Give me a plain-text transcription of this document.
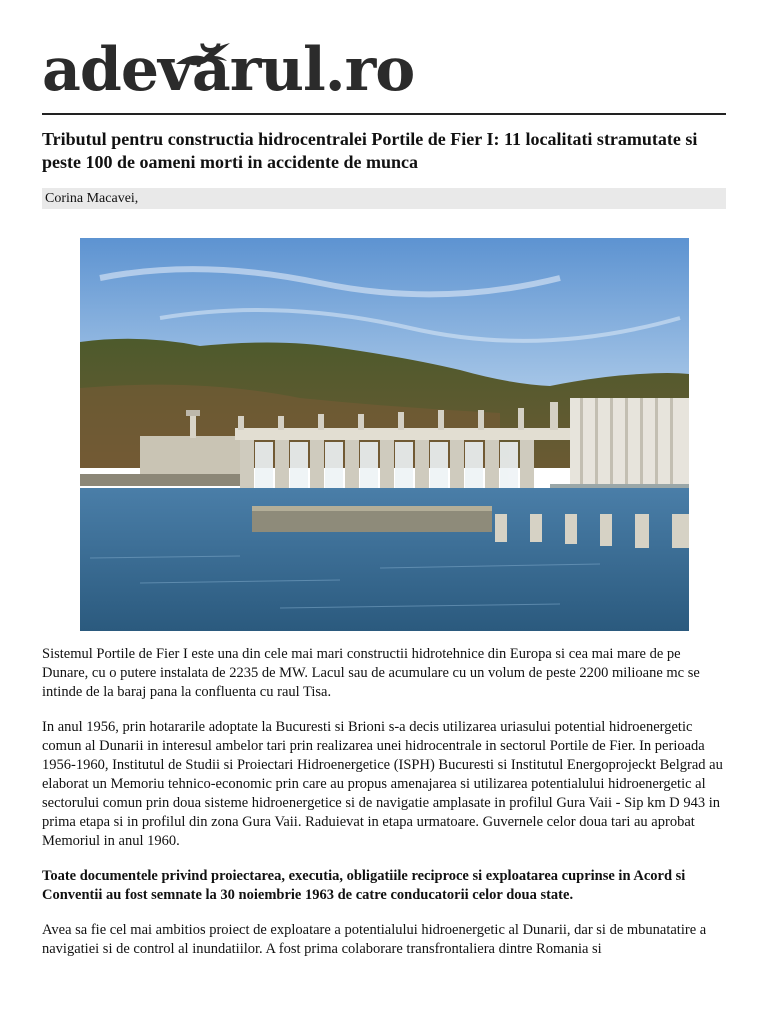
adevărul.ro
Tributul pentru constructia hidrocentralei Portile de Fier I: 11 localitati stramutate si peste 100 de oameni morti in accidente de munca
Corina Macavei,

Sistemul Portile de Fier I este una din cele mai mari constructii hidrotehnice din Europa si cea mai mare de pe Dunare, cu o putere instalata de 2235 de MW. Lacul sau de acumulare cu un volum de peste 2200 milioane mc se intinde de la baraj pana la confluenta cu raul Tisa.

In anul 1956, prin hotararile adoptate la Bucuresti si Brioni s-a decis utilizarea uriasului potential hidroenergetic comun al Dunarii in interesul ambelor tari prin realizarea unei hidrocentrale in sectorul Portile de Fier. In perioada 1956-1960, Institutul de Studii si Proiectari Hidroenergetice (ISPH) Bucuresti si Institutul Energoprojeckt Belgrad au elaborat un Memoriu tehnico-economic prin care au propus amenajarea si utilizarea potentialului hidroenergetic al sectorului comun prin doua sisteme hidroenergetice si de navigatie amplasate in profilul Gura Vaii - Sip km D 943 in prima etapa si in profilul din zona Gura Vaii. Raduievat in etapa urmatoare. Guvernele celor doua tari au aprobat Memoriul in anul 1960.

Toate documentele privind proiectarea, executia, obligatiile reciproce si exploatarea cuprinse in Acord si Conventii au fost semnate la 30 noiembrie 1963 de catre conducatorii celor doua state.

Avea sa fie cel mai ambitios proiect de exploatare a potentialului hidroenergetic al Dunarii, dar si de mbunatatire a navigatiei si de control al inundatiilor. A fost prima colaborare transfrontaliera dintre Romania si
